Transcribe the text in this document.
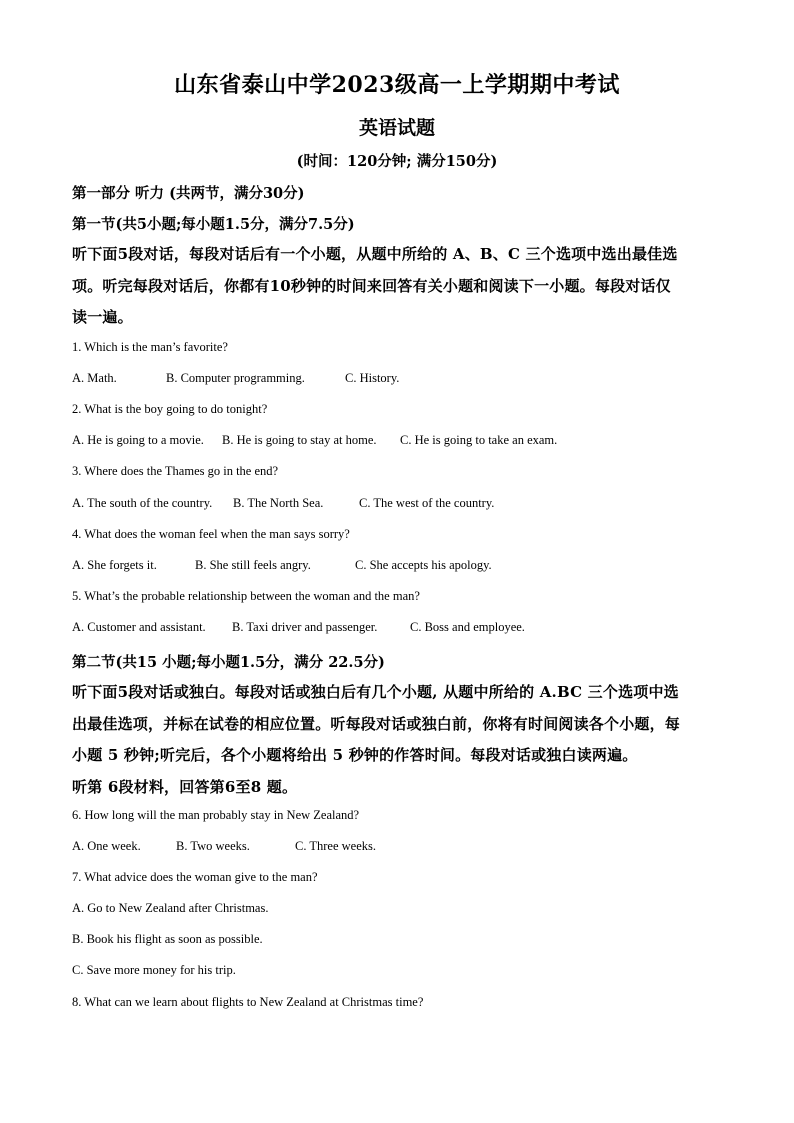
山东省泰山中学2023级高一上学期期中考试
英语试题
(时间：120分钟; 满分150分)
第一部分 听力 (共两节，满分30分)
第一节(共5小题;每小题1.5分，满分7.5分)
听下面5段对话，每段对话后有一个小题，从题中所给的 A、B、C 三个选项中选出最佳选
项。听完每段对话后，你都有10秒钟的时间来回答有关小题和阅读下一小题。每段对话仅
读一遍。
1. Which is the man’s favorite?
A. Math.	B. Computer programming.	C. History.
2. What is the boy going to do tonight?
A. He is going to a movie. B. He is going to stay at home. C. He is going to take an exam.
3. Where does the Thames go in the end?
A. The south of the country. B. The North Sea.	C. The west of the country.
4. What does the woman feel when the man says sorry?
A. She forgets it.	B. She still feels angry.	C. She accepts his apology.
5. What’s the probable relationship between the woman and the man?
A. Customer and assistant. B. Taxi driver and passenger.	C. Boss and employee.
第二节(共15 小题;每小题1.5分，满分 22.5分)
听下面5段对话或独白。每段对话或独白后有几个小题, 从题中所给的 A.BC 三个选项中选
出最佳选项，并标在试卷的相应位置。听每段对话或独白前，你将有时间阅读各个小题，每
小题 5 秒钟;听完后，各个小题将给出 5 秒钟的作答时间。每段对话或独白读两遍。
听第 6段材料，回答第6至8 题。
6. How long will the man probably stay in New Zealand?
A. One week.	B. Two weeks.	C. Three weeks.
7. What advice does the woman give to the man?
A. Go to New Zealand after Christmas.
B. Book his flight as soon as possible.
C. Save more money for his trip.
8. What can we learn about flights to New Zealand at Christmas time?
